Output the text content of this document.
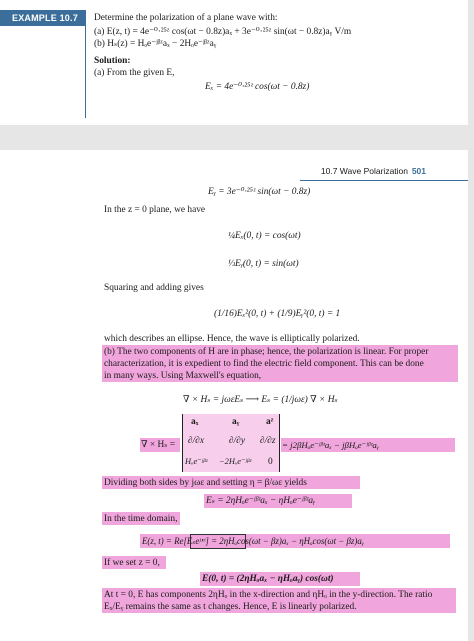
EXAMPLE 10.7	Determine the polarization of a plane wave with:
(a) E(z, t) = 4e⁻⁰·²⁵ᶻ cos(ωt − 0.8z)aₓ + 3e⁻⁰·²⁵ᶻ sin(ωt − 0.8z)aᵧ V/m
(b) Hₛ(z) = Hₒe⁻ʲᵝᶻaₓ − 2Hₒe⁻ʲᵝᶻaᵧ
Solution:
(a) From the given E,
Eₓ = 4e⁻⁰·²⁵ᶻ cos(ωt − 0.8z)
10.7 Wave Polarization 501
Eᵧ = 3e⁻⁰·²⁵ᶻ sin(ωt − 0.8z)
In the z = 0 plane, we have
¼Eₓ(0, t) = cos(ωt)
⅓Eᵧ(0, t) = sin(ωt)
Squaring and adding gives
(1/16)Eₓ²(0, t) + (1/9)Eᵧ²(0, t) = 1
which describes an ellipse. Hence, the wave is elliptically polarized.
(b) The two components of H are in phase; hence, the polarization is linear. For proper
characterization, it is expedient to find the electric field component. This can be done
in many ways. Using Maxwell's equation,
∇ × Hₛ = jωεEₛ ⟶ Eₛ = (1/jωε) ∇ × Hₛ
∇ × Hₛ =
aₓ	aᵧ	aᶻ
∂/∂x	∂/∂y ∂/∂z
Hₒe⁻ʲᵝᶻ −2Hₒe⁻ʲᵝᶻ 0
= j2βHₒe⁻ʲᵝᶻaₓ − jβHₒe⁻ʲᵝᶻaᵧ
Dividing both sides by jωε and setting η = β/ωε yields
Eₛ = 2ηHₒe⁻ʲᵝᶻaₓ − ηHₒe⁻ʲᵝᶻaᵧ
In the time domain,
E(z, t) = Re[Eₛeʲᵜᵗ] = 2ηHₒcos(ωt − βz)aₓ − ηHₒcos(ωt − βz)aᵧ
If we set z = 0,
E(0, t) = (2ηHₒaₓ − ηHₒaᵧ) cos(ωt)
At t = 0, E has components 2ηHₒ in the x-direction and ηHₒ in the y-direction. The ratio
Eₓ/Eᵧ remains the same as t changes. Hence, E is linearly polarized.
